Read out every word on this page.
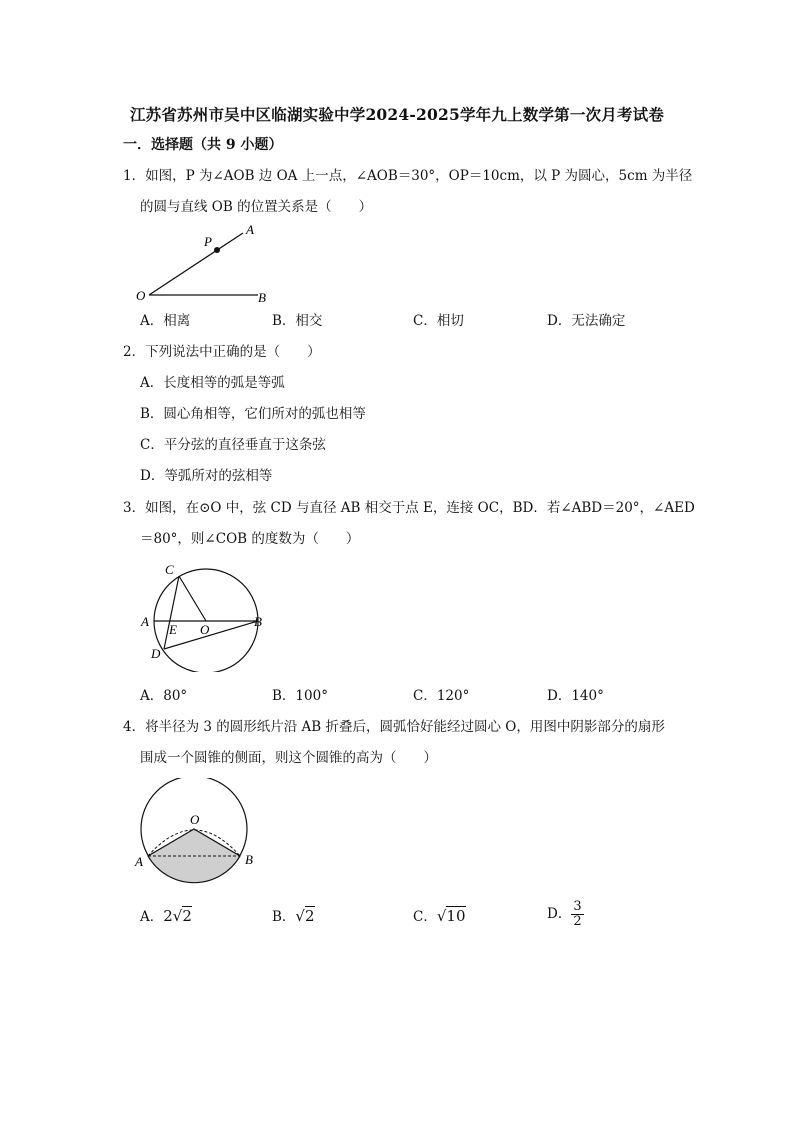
江苏省苏州市吴中区临湖实验中学2024-2025学年九上数学第一次月考试卷
一．选择题（共 9 小题）
1．如图，P 为∠AOB 边 OA 上一点，∠AOB＝30°，OP＝10cm，以 P 为圆心，5cm 为半径
的圆与直线 OB 的位置关系是（　　）
P
A
O	B
A．相离	B．相交	C．相切	D．无法确定
2．下列说法中正确的是（　　）
A．长度相等的弧是等弧
B．圆心角相等，它们所对的弧也相等
C．平分弦的直径垂直于这条弦
D．等弧所对的弦相等
3．如图，在⊙O 中，弦 CD 与直径 AB 相交于点 E，连接 OC，BD．若∠ABD＝20°，∠AED
＝80°，则∠COB 的度数为（　　）
C
A
E O
B
D
A．80°	B．100°	C．120°	D．140°
4．将半径为 3 的圆形纸片沿 AB 折叠后，圆弧恰好能经过圆心 O，用图中阴影部分的扇形
围成一个圆锥的侧面，则这个圆锥的高为（　　）
O
A	B
A．2√2	B．√2	C．√10	D． $\frac{3}{2}$
